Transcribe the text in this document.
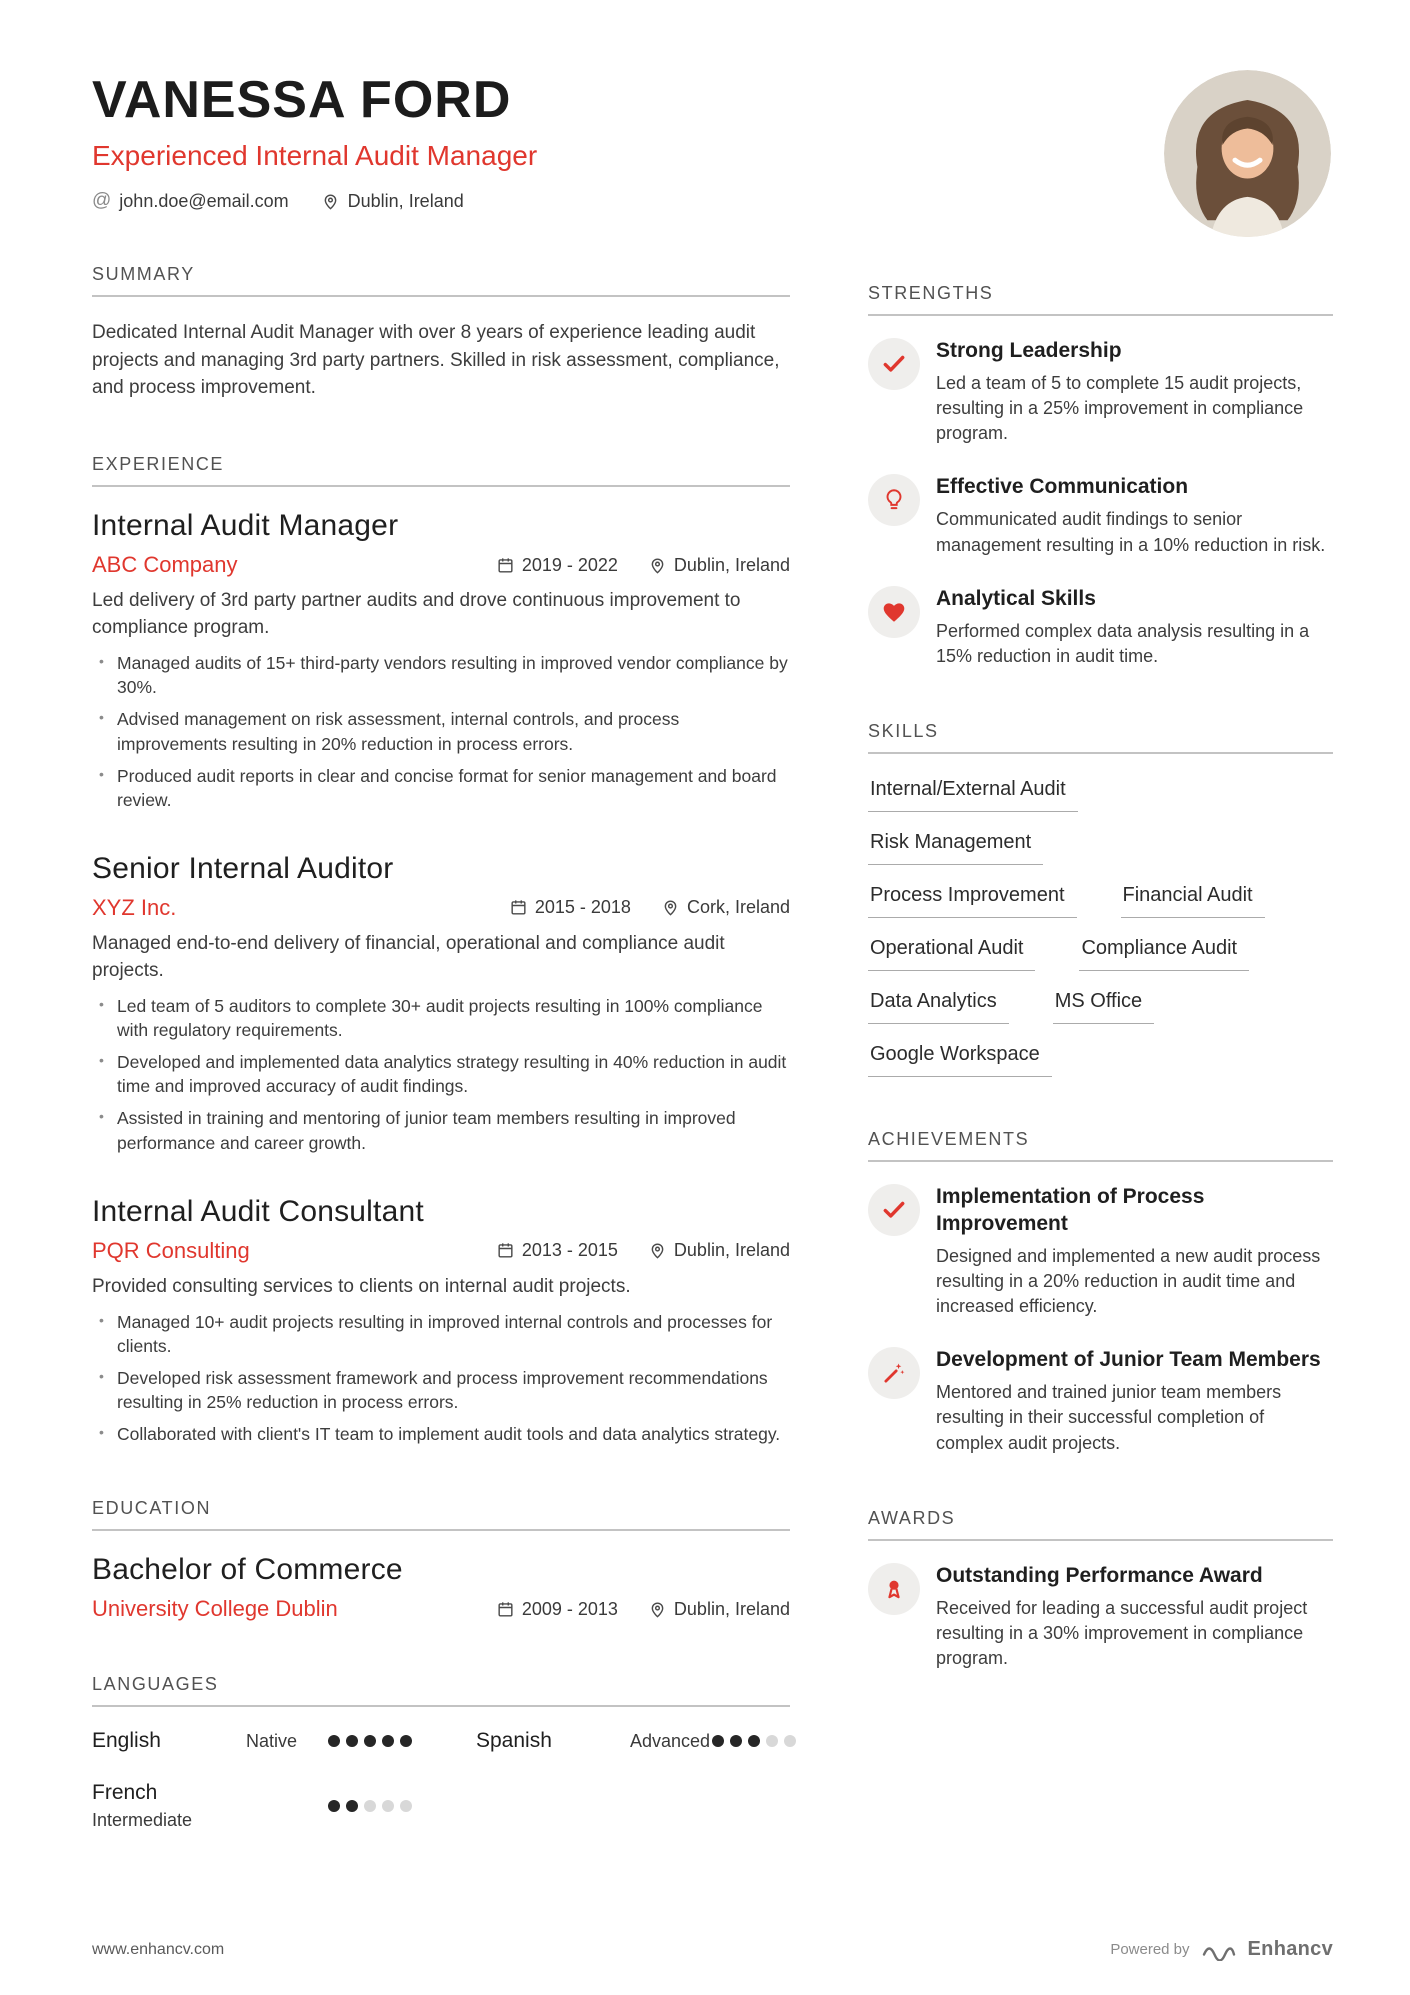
VANESSA FORD
Experienced Internal Audit Manager
@ john.doe@email.com	Dublin, Ireland
SUMMARY

Dedicated Internal Audit Manager with over 8 years of experience leading audit projects and managing 3rd party partners. Skilled in risk assessment, compliance, and process improvement.

EXPERIENCE
Internal Audit Manager
ABC Company	2019 - 2022	Dublin, Ireland

Led delivery of 3rd party partner audits and drove continuous improvement to compliance program.

• Managed audits of 15+ third-party vendors resulting in improved vendor compliance by 30%.
• Advised management on risk assessment, internal controls, and process improvements resulting in 20% reduction in process errors.
• Produced audit reports in clear and concise format for senior management and board review.
Senior Internal Auditor
XYZ Inc.	2015 - 2018	Cork, Ireland

Managed end-to-end delivery of financial, operational and compliance audit projects.

• Led team of 5 auditors to complete 30+ audit projects resulting in 100% compliance with regulatory requirements.
• Developed and implemented data analytics strategy resulting in 40% reduction in audit time and improved accuracy of audit findings.
• Assisted in training and mentoring of junior team members resulting in improved performance and career growth.
Internal Audit Consultant
PQR Consulting	2013 - 2015	Dublin, Ireland

Provided consulting services to clients on internal audit projects.

• Managed 10+ audit projects resulting in improved internal controls and processes for clients.
• Developed risk assessment framework and process improvement recommendations resulting in 25% reduction in process errors.
• Collaborated with client's IT team to implement audit tools and data analytics strategy.
EDUCATION
Bachelor of Commerce
University College Dublin	2009 - 2013	Dublin, Ireland
LANGUAGES
English	Native	Spanish	Advanced
French
Intermediate
STRENGTHS
Strong Leadership
Led a team of 5 to complete 15 audit projects, resulting in a 25% improvement in compliance program.
Effective Communication
Communicated audit findings to senior management resulting in a 10% reduction in risk.
Analytical Skills
Performed complex data analysis resulting in a 15% reduction in audit time.
SKILLS
Internal/External Audit
Risk Management
Process Improvement	Financial Audit
Operational Audit	Compliance Audit
Data Analytics	MS Office
Google Workspace
ACHIEVEMENTS
Implementation of Process Improvement
Designed and implemented a new audit process resulting in a 20% reduction in audit time and increased efficiency.
Development of Junior Team Members
Mentored and trained junior team members resulting in their successful completion of complex audit projects.
AWARDS
Outstanding Performance Award
Received for leading a successful audit project resulting in a 30% improvement in compliance program.
www.enhancv.com	Powered by	Enhancv
